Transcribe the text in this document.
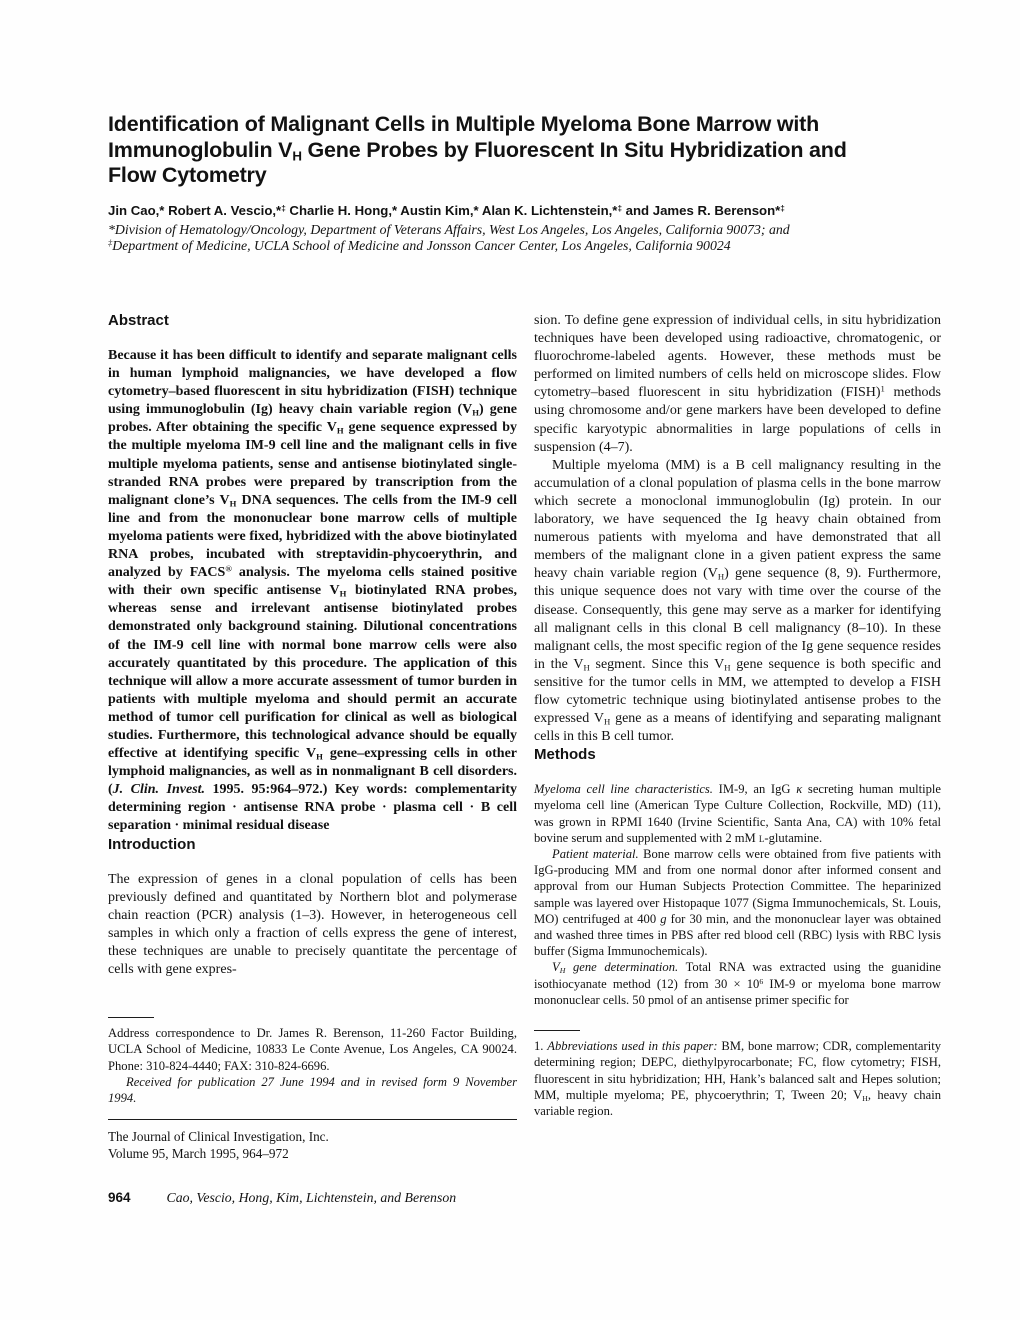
Identification of Malignant Cells in Multiple Myeloma Bone Marrow with
Immunoglobulin $V_H$ Gene Probes by Fluorescent In Situ Hybridization and
Flow Cytometry
Jin Cao,* Robert A. Vescio,*‡ Charlie H. Hong,* Austin Kim,* Alan K. Lichtenstein,*‡ and James R. Berenson*‡
*Division of Hematology/Oncology, Department of Veterans Affairs, West Los Angeles, Los Angeles, California 90073; and
‡Department of Medicine, UCLA School of Medicine and Jonsson Cancer Center, Los Angeles, California 90024
Abstract

Because it has been difficult to identify and separate malignant cells in human lymphoid malignancies, we have developed a flow cytometry–based fluorescent in situ hybridization (FISH) technique using immunoglobulin (Ig) heavy chain variable region $(V_H)$ gene probes. After obtaining the specific $V_H$ gene sequence expressed by the multiple myeloma IM-9 cell line and the malignant cells in five multiple myeloma patients, sense and antisense biotinylated single-stranded RNA probes were prepared by transcription from the malignant clone’s $V_H$ DNA sequences. The cells from the IM-9 cell line and from the mononuclear bone marrow cells of multiple myeloma patients were fixed, hybridized with the above biotinylated RNA probes, incubated with streptavidin-phycoerythrin, and analyzed by FACS® analysis. The myeloma cells stained positive with their own specific antisense $V_H$ biotinylated RNA probes, whereas sense and irrelevant antisense biotinylated probes demonstrated only background staining. Dilutional concentrations of the IM-9 cell line with normal bone marrow cells were also accurately quantitated by this procedure. The application of this technique will allow a more accurate assessment of tumor burden in patients with multiple myeloma and should permit an accurate method of tumor cell purification for clinical as well as biological studies. Furthermore, this technological advance should be equally effective at identifying specific $V_H$ gene–expressing cells in other lymphoid malignancies, as well as in nonmalignant B cell disorders. (J. Clin. Invest. 1995. 95:964–972.) Key words: complementarity determining region · antisense RNA probe · plasma cell · B cell separation · minimal residual disease

Introduction

The expression of genes in a clonal population of cells has been previously defined and quantitated by Northern blot and polymerase chain reaction (PCR) analysis (1–3). However, in heterogeneous cell samples in which only a fraction of cells express the gene of interest, these techniques are unable to precisely quantitate the percentage of cells with gene expres-

Address correspondence to Dr. James R. Berenson, 11-260 Factor Building, UCLA School of Medicine, 10833 Le Conte Avenue, Los Angeles, CA 90024. Phone: 310-824-4440; FAX: 310-824-6696.

Received for publication 27 June 1994 and in revised form 9 November 1994.

The Journal of Clinical Investigation, Inc.

Volume 95, March 1995, 964–972

964	Cao, Vescio, Hong, Kim, Lichtenstein, and Berenson

sion. To define gene expression of individual cells, in situ hybridization techniques have been developed using radioactive, chromatogenic, or fluorochrome-labeled agents. However, these methods must be performed on limited numbers of cells held on microscope slides. Flow cytometry–based fluorescent in situ hybridization (FISH)$^1$ methods using chromosome and/or gene markers have been developed to define specific karyotypic abnormalities in large populations of cells in suspension (4–7).

Multiple myeloma (MM) is a B cell malignancy resulting in the accumulation of a clonal population of plasma cells in the bone marrow which secrete a monoclonal immunoglobulin (Ig) protein. In our laboratory, we have sequenced the Ig heavy chain obtained from numerous patients with myeloma and have demonstrated that all members of the malignant clone in a given patient express the same heavy chain variable region $(V_H)$ gene sequence (8, 9). Furthermore, this unique sequence does not vary with time over the course of the disease. Consequently, this gene may serve as a marker for identifying all malignant cells in this clonal B cell malignancy (8–10). In these malignant cells, the most specific region of the Ig gene sequence resides in the $V_H$ segment. Since this $V_H$ gene sequence is both specific and sensitive for the tumor cells in MM, we attempted to develop a FISH flow cytometric technique using biotinylated antisense probes to the expressed $V_H$ gene as a means of identifying and separating malignant cells in this B cell tumor.

Methods

Myeloma cell line characteristics. IM-9, an IgG κ secreting human multiple myeloma cell line (American Type Culture Collection, Rockville, MD) (11), was grown in RPMI 1640 (Irvine Scientific, Santa Ana, CA) with 10% fetal bovine serum and supplemented with 2 mM l-glutamine.

Patient material. Bone marrow cells were obtained from five patients with IgG-producing MM and from one normal donor after informed consent and approval from our Human Subjects Protection Committee. The heparinized sample was layered over Histopaque 1077 (Sigma Immunochemicals, St. Louis, MO) centrifuged at 400 g for 30 min, and the mononuclear layer was obtained and washed three times in PBS after red blood cell (RBC) lysis with RBC lysis buffer (Sigma Immunochemicals).

$V_H$ gene determination. Total RNA was extracted using the guanidine isothiocyanate method (12) from $30 \times 10^6$ IM-9 or myeloma bone marrow mononuclear cells. 50 pmol of an antisense primer specific for

1. Abbreviations used in this paper: BM, bone marrow; CDR, complementarity determining region; DEPC, diethylpyrocarbonate; FC, flow cytometry; FISH, fluorescent in situ hybridization; HH, Hank’s balanced salt and Hepes solution; MM, multiple myeloma; PE, phycoerythrin; T, Tween 20; $V_H$, heavy chain variable region.
